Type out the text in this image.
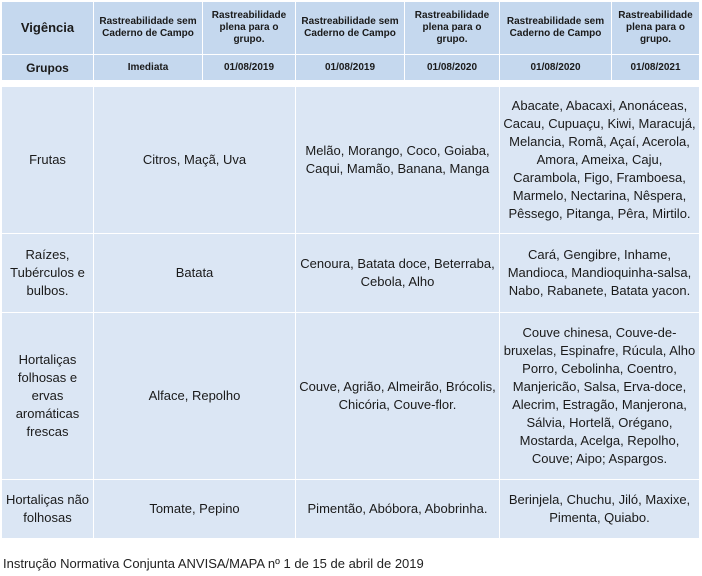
Vigência	Rastreabilidade sem Caderno de Campo	Rastreabilidade plena para o grupo.	Rastreabilidade sem Caderno de Campo	Rastreabilidade plena para o grupo.	Rastreabilidade sem Caderno de Campo	Rastreabilidade plena para o grupo.
Grupos	Imediata	01/08/2019	01/08/2019	01/08/2020	01/08/2020	01/08/2021

Frutas	Citros, Maçã, Uva		Melão, Morango, Coco, Goiaba, Caqui, Mamão, Banana, Manga		Abacate, Abacaxi, Anonáceas, Cacau, Cupuaçu, Kiwi, Maracujá, Melancia, Romã, Açaí, Acerola, Amora, Ameixa, Caju, Carambola, Figo, Framboesa, Marmelo, Nectarina, Nêspera, Pêssego, Pitanga, Pêra, Mirtilo.	
Raízes, Tubérculos e bulbos.	Batata		Cenoura, Batata doce, Beterraba, Cebola, Alho		Cará, Gengibre, Inhame, Mandioca, Mandioquinha-salsa, Nabo, Rabanete, Batata yacon.	
Hortaliças folhosas e ervas aromáticas frescas	Alface, Repolho		Couve, Agrião, Almeirão, Brócolis, Chicória, Couve-flor.		Couve chinesa, Couve-de-bruxelas, Espinafre, Rúcula, Alho Porro, Cebolinha, Coentro, Manjericão, Salsa, Erva-doce, Alecrim, Estragão, Manjerona, Sálvia, Hortelã, Orégano, Mostarda, Acelga, Repolho, Couve; Aipo; Aspargos.	
Hortaliças não folhosas	Tomate, Pepino		Pimentão, Abóbora, Abobrinha.		Berinjela, Chuchu, Jiló, Maxixe, Pimenta, Quiabo.	
Instrução Normativa Conjunta ANVISA/MAPA nº 1 de 15 de abril de 2019
